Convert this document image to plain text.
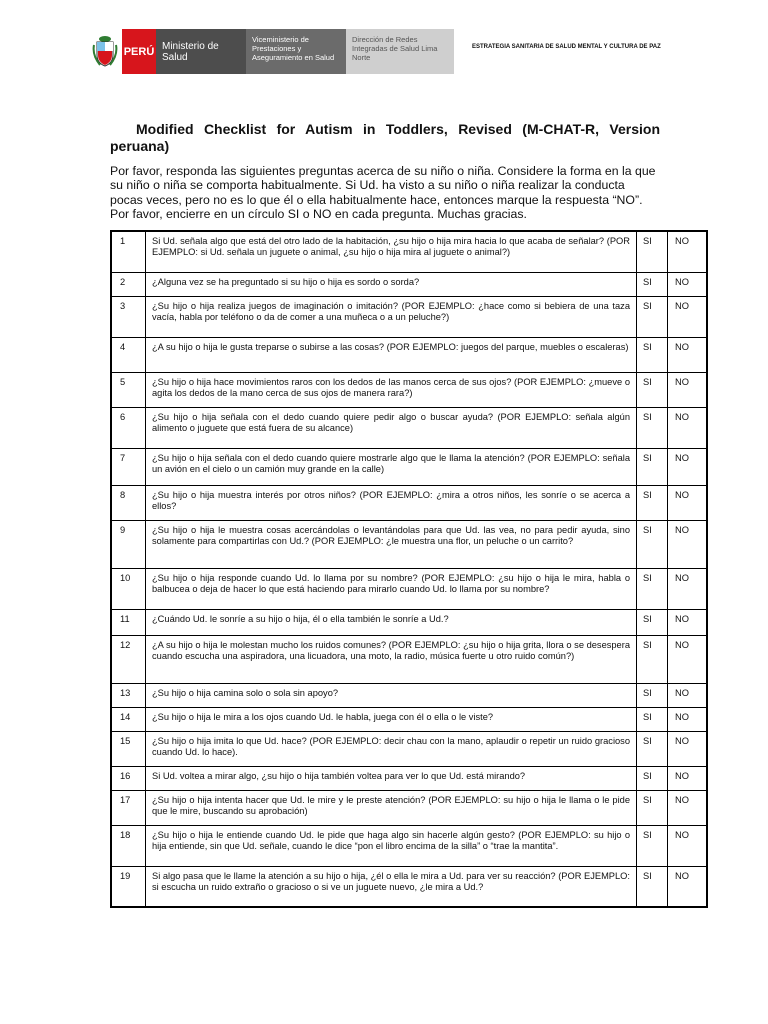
PERÚ Ministerio de Salud
Viceministerio de Prestaciones y Aseguramiento en Salud
Dirección de Redes Integradas de Salud Lima Norte
ESTRATEGIA SANITARIA DE SALUD MENTAL Y CULTURA DE PAZ

Modified Checklist for Autism in Toddlers, Revised (M-CHAT-R, Version peruana)

Por favor, responda las siguientes preguntas acerca de su niño o niña. Considere la forma en la que su niño o niña se comporta habitualmente. Si Ud. ha visto a su niño o niña realizar la conducta pocas veces, pero no es lo que él o ella habitualmente hace, entonces marque la respuesta “NO”. Por favor, encierre en un círculo SI o NO en cada pregunta. Muchas gracias.

1	Si Ud. señala algo que está del otro lado de la habitación, ¿su hijo o hija mira hacia lo que acaba de señalar? (POR EJEMPLO: si Ud. señala un juguete o animal, ¿su hijo o hija mira al juguete o animal?)	SI	NO
2	¿Alguna vez se ha preguntado si su hijo o hija es sordo o sorda?	SI	NO
3	¿Su hijo o hija realiza juegos de imaginación o imitación? (POR EJEMPLO: ¿hace como si bebiera de una taza vacía, habla por teléfono o da de comer a una muñeca o a un peluche?)	SI	NO
4	¿A su hijo o hija le gusta treparse o subirse a las cosas? (POR EJEMPLO: juegos del parque, muebles o escaleras)	SI	NO
5	¿Su hijo o hija hace movimientos raros con los dedos de las manos cerca de sus ojos? (POR EJEMPLO: ¿mueve o agita los dedos de la mano cerca de sus ojos de manera rara?)	SI	NO
6	¿Su hijo o hija señala con el dedo cuando quiere pedir algo o buscar ayuda? (POR EJEMPLO: señala algún alimento o juguete que está fuera de su alcance)	SI	NO
7	¿Su hijo o hija señala con el dedo cuando quiere mostrarle algo que le llama la atención? (POR EJEMPLO: señala un avión en el cielo o un camión muy grande en la calle)	SI	NO
8	¿Su hijo o hija muestra interés por otros niños? (POR EJEMPLO: ¿mira a otros niños, les sonríe o se acerca a ellos?	SI	NO
9	¿Su hijo o hija le muestra cosas acercándolas o levantándolas para que Ud. las vea, no para pedir ayuda, sino solamente para compartirlas con Ud.? (POR EJEMPLO: ¿le muestra una flor, un peluche o un carrito?	SI	NO
10	¿Su hijo o hija responde cuando Ud. lo llama por su nombre? (POR EJEMPLO: ¿su hijo o hija le mira, habla o balbucea o deja de hacer lo que está haciendo para mirarlo cuando Ud. lo llama por su nombre?	SI	NO
11	¿Cuándo Ud. le sonríe a su hijo o hija, él o ella también le sonríe a Ud.?	SI	NO
12	¿A su hijo o hija le molestan mucho los ruidos comunes? (POR EJEMPLO: ¿su hijo o hija grita, llora o se desespera cuando escucha una aspiradora, una licuadora, una moto, la radio, música fuerte u otro ruido común?)	SI	NO
13	¿Su hijo o hija camina solo o sola sin apoyo?	SI	NO
14	¿Su hijo o hija le mira a los ojos cuando Ud. le habla, juega con él o ella o le viste?	SI	NO
15	¿Su hijo o hija imita lo que Ud. hace? (POR EJEMPLO: decir chau con la mano, aplaudir o repetir un ruido gracioso cuando Ud. lo hace).	SI	NO
16	Si Ud. voltea a mirar algo, ¿su hijo o hija también voltea para ver lo que Ud. está mirando?	SI	NO
17	¿Su hijo o hija intenta hacer que Ud. le mire y le preste atención? (POR EJEMPLO: su hijo o hija le llama o le pide que le mire, buscando su aprobación)	SI	NO
18	¿Su hijo o hija le entiende cuando Ud. le pide que haga algo sin hacerle algún gesto? (POR EJEMPLO: su hijo o hija entiende, sin que Ud. señale, cuando le dice “pon el libro encima de la silla” o “trae la mantita”.	SI	NO
19	Si algo pasa que le llame la atención a su hijo o hija, ¿él o ella le mira a Ud. para ver su reacción? (POR EJEMPLO: si escucha un ruido extraño o gracioso o si ve un juguete nuevo, ¿le mira a Ud.?	SI	NO
